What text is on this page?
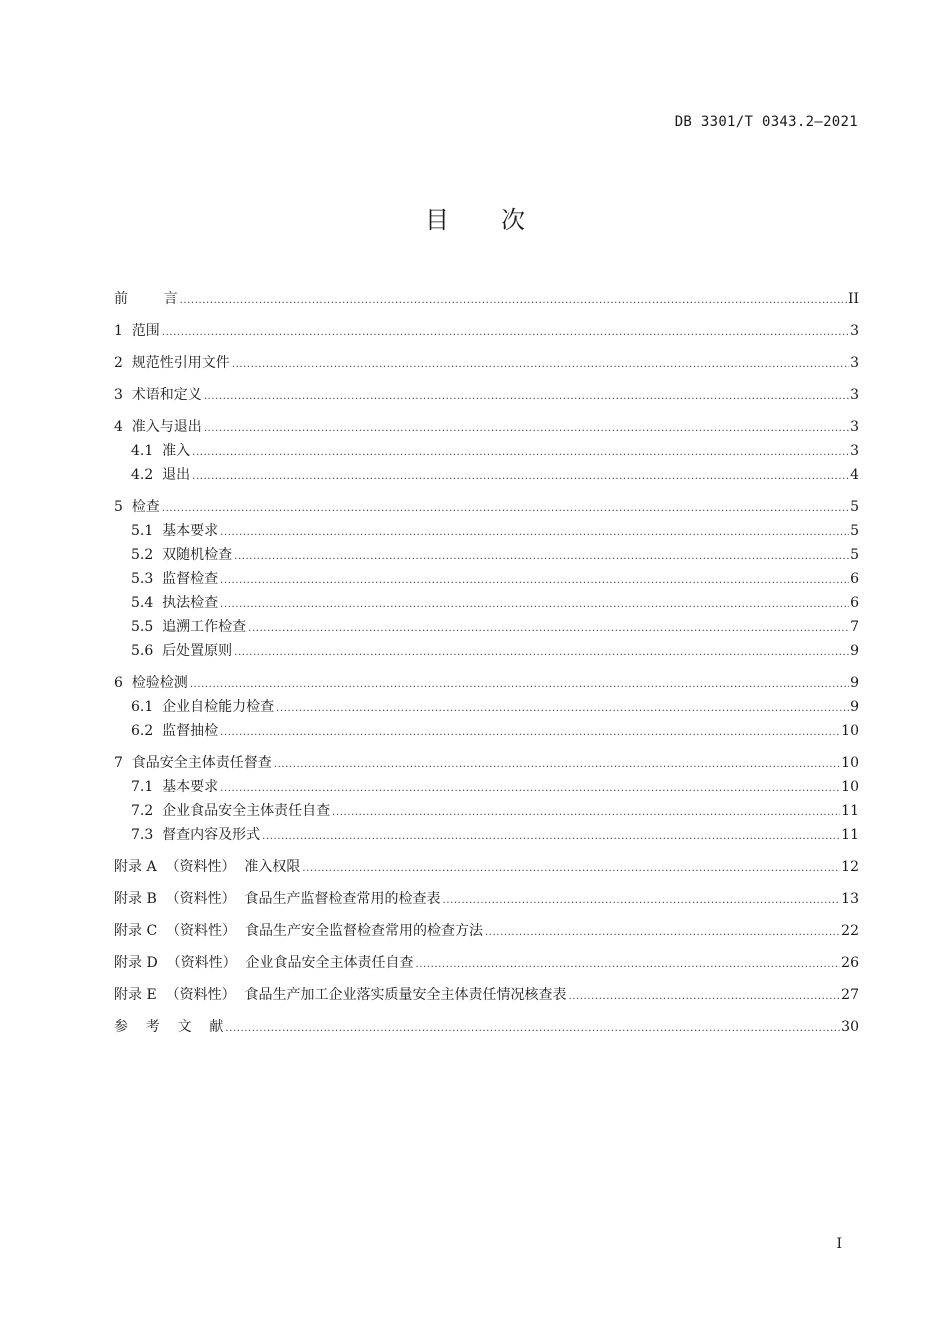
DB 3301/T 0343.2—2021
目次
前        言 .....	II
1  范围 .....	3
2  规范性引用文件 .....	3
3  术语和定义 .....	3
4  准入与退出 .....	3
4.1  准入 .....	3
4.2  退出 .....	4
5  检查 .....	5
5.1  基本要求 .....	5
5.2  双随机检查 .....	5
5.3  监督检查 .....	6
5.4  执法检查 .....	6
5.5  追溯工作检查 .....	7
5.6  后处置原则 .....	9
6  检验检测 .....	9
6.1  企业自检能力检查 .....	9
6.2  监督抽检 .....	10
7  食品安全主体责任督查 .....	10
7.1  基本要求 .....	10
7.2  企业食品安全主体责任自查 .....	11
7.3  督查内容及形式 .....	11
附录 A  （资料性）  准入权限 .....	12
附录 B  （资料性）  食品生产监督检查常用的检查表 .....	13
附录 C  （资料性）  食品生产安全监督检查常用的检查方法 .....	22
附录 D  （资料性）  企业食品安全主体责任自查 .....	26
附录 E  （资料性）  食品生产加工企业落实质量安全主体责任情况核查表 .....	27
参    考    文    献 .....	30
I
